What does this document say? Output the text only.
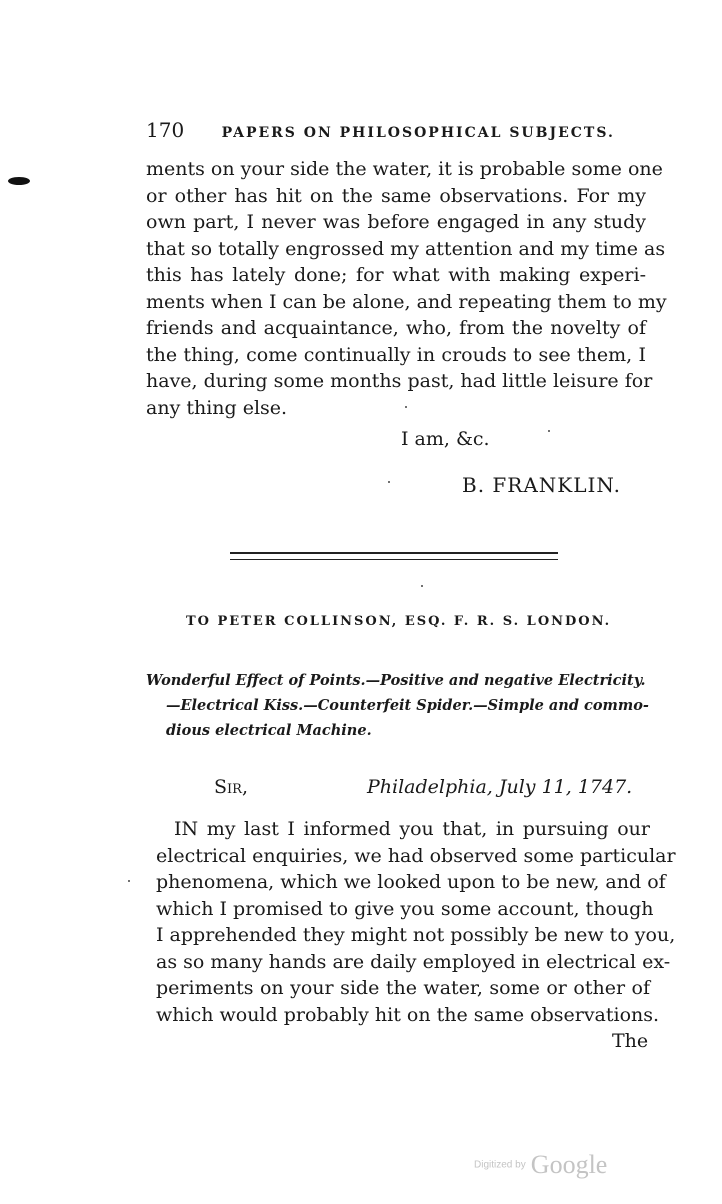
170	PAPERS ON PHILOSOPHICAL SUBJECTS.
ments on your side the water, it is probable some one
or other has hit on the same observations. For my
own part, I never was before engaged in any study
that so totally engrossed my attention and my time as
this has lately done; for what with making experi-
ments when I can be alone, and repeating them to my
friends and acquaintance, who, from the novelty of
the thing, come continually in crouds to see them, I
have, during some months past, had little leisure for
any thing else.
I am, &c.
B. FRANKLIN.
TO PETER COLLINSON, ESQ. F. R. S. LONDON.
Wonderful Effect of Points.—Positive and negative Electricity.
—Electrical Kiss.—Counterfeit Spider.—Simple and commo-
dious electrical Machine.
Sir,	Philadelphia, July 11, 1747.
IN my last I informed you that, in pursuing our
electrical enquiries, we had observed some particular
phenomena, which we looked upon to be new, and of
which I promised to give you some account, though
I apprehended they might not possibly be new to you,
as so many hands are daily employed in electrical ex-
periments on your side the water, some or other of
which would probably hit on the same observations.
The
Digitized by Google
